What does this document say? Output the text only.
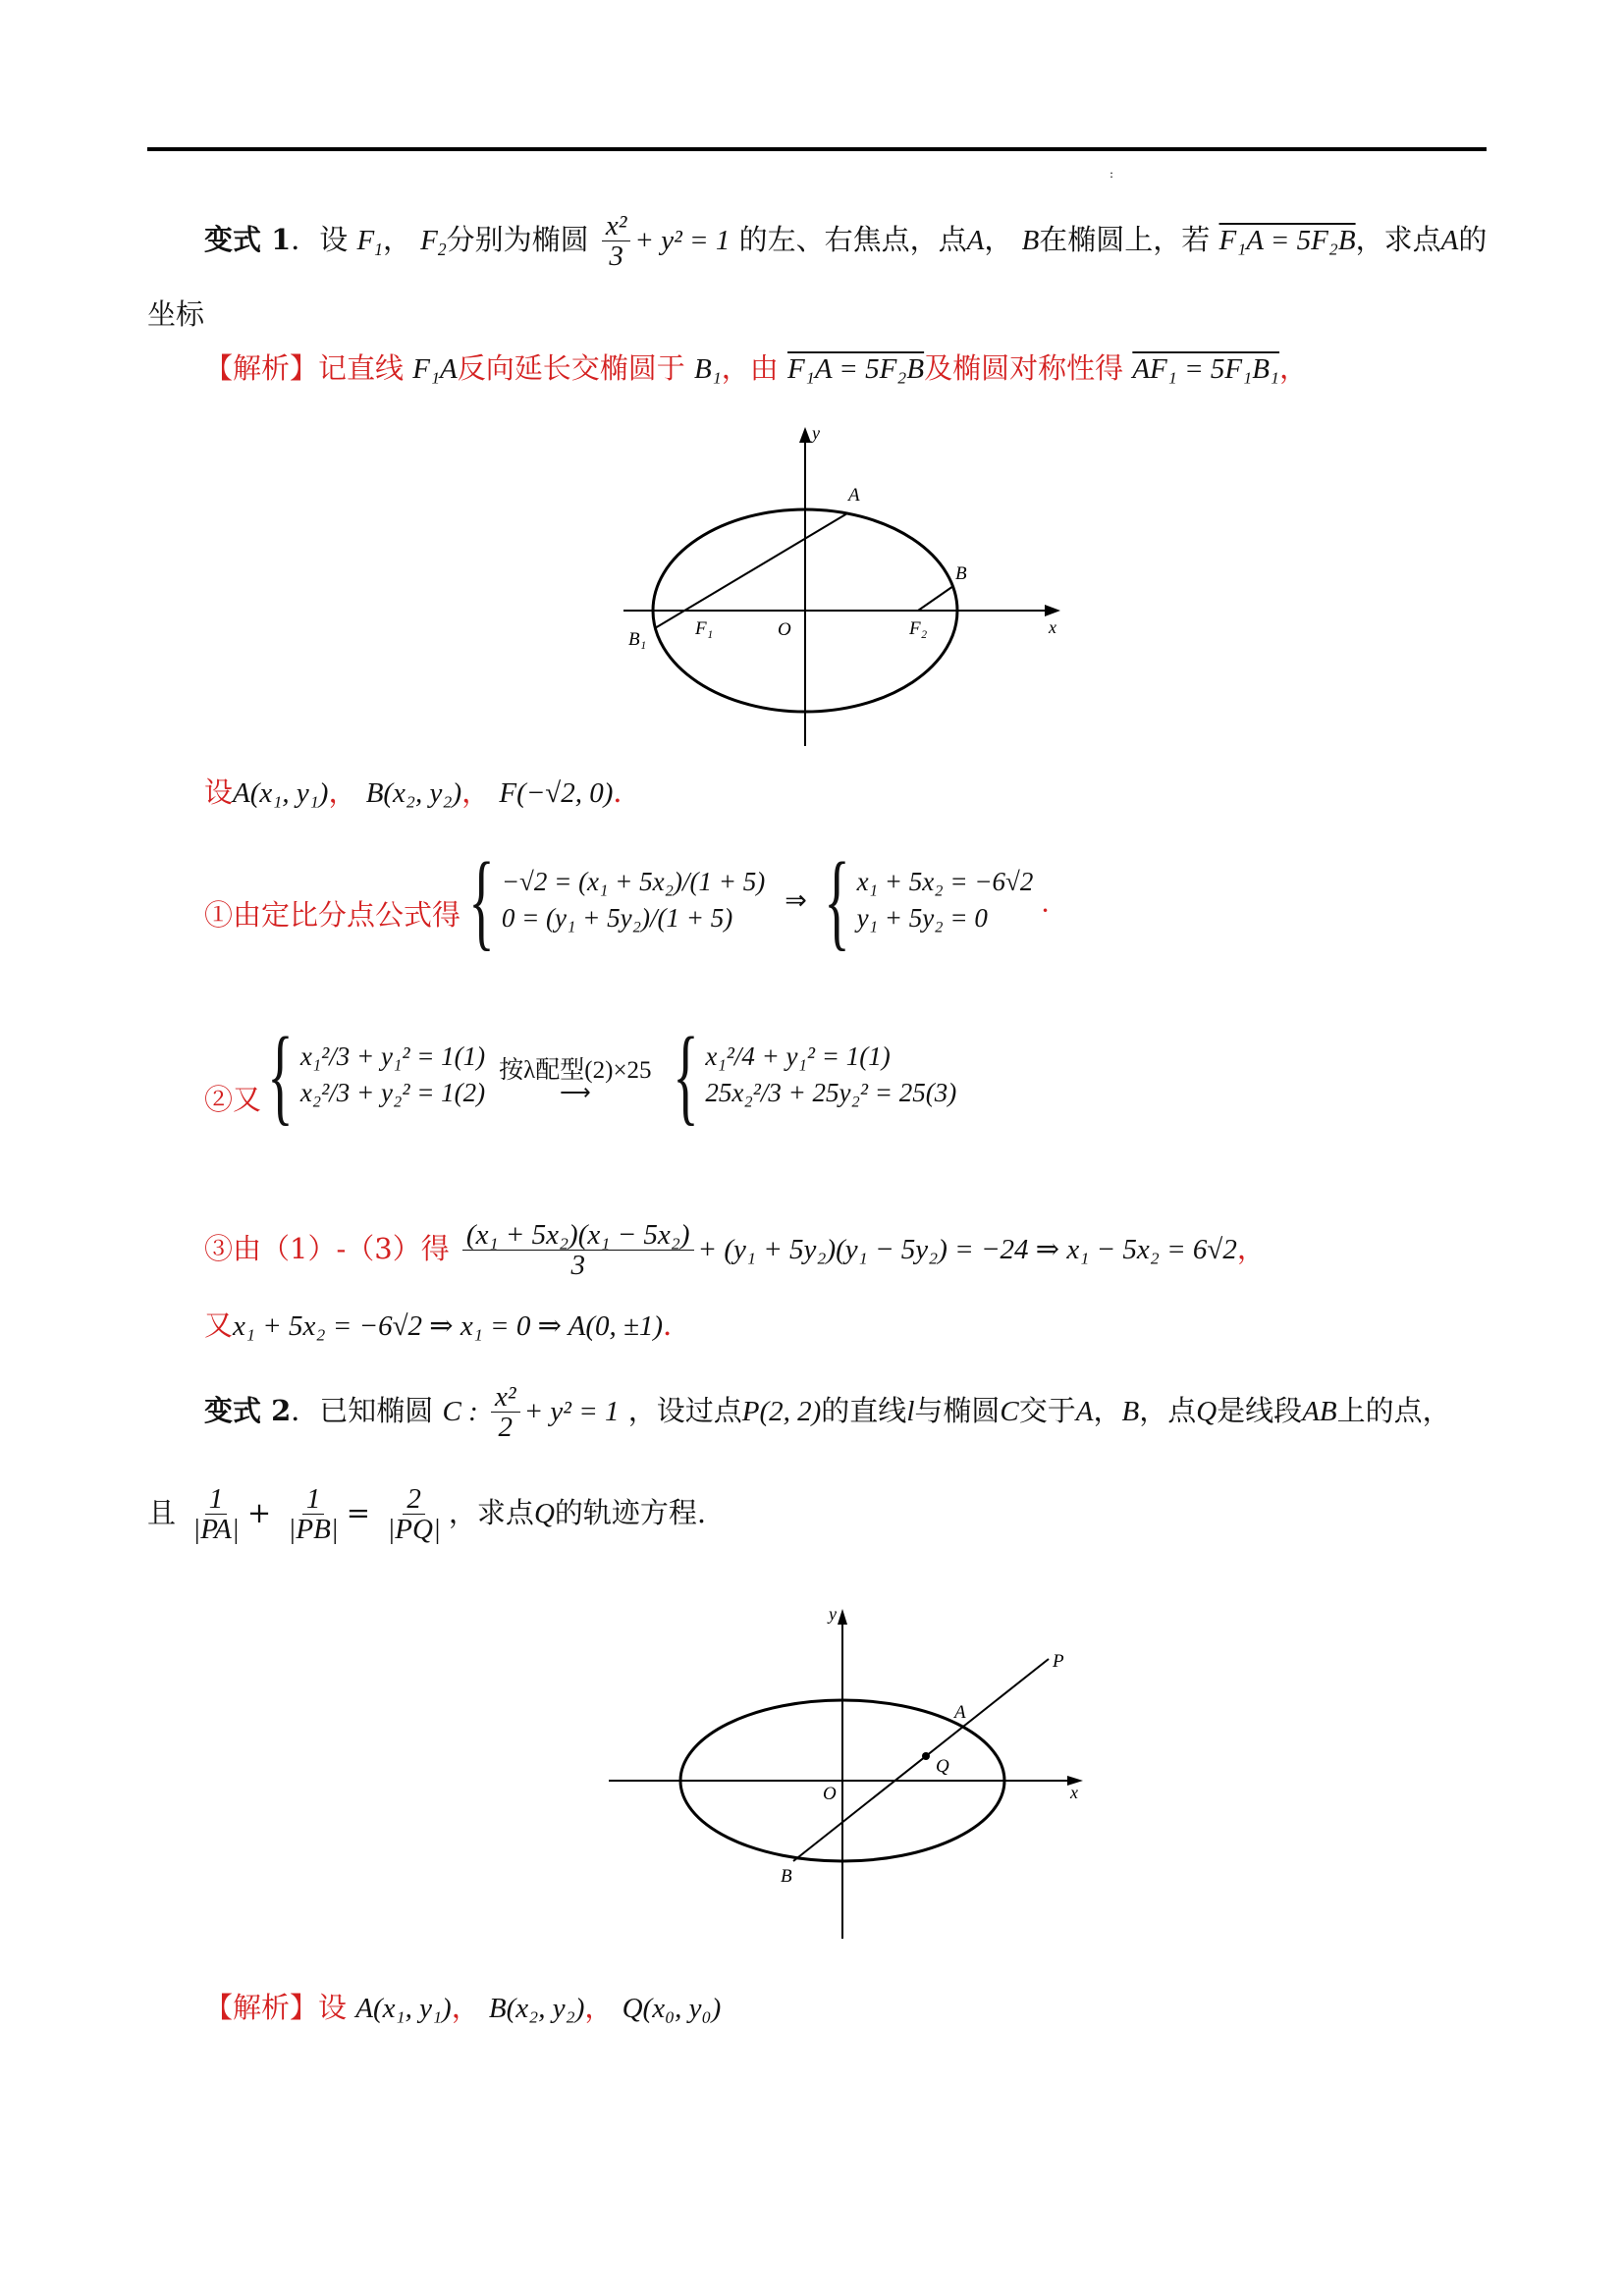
:
变式 1．设 $F_1$， $F_2$分别为椭圆 $\frac{\text{x²}}{3} + y^2 = 1$ 的左、右焦点，点A， B在椭圆上，若 F₁A = 5F₂B，求点A的
坐标
【解析】记直线 F₁A反向延长交椭圆于 B₁，由 F₁A = 5F₂B及椭圆对称性得 AF₁ = 5F₁B₁，
y
x
A
B
O
F₁	F₂
B₁
设A(x₁, y₁)， B(x₂, y₂)， F(−√2, 0)．
①由定比分点公式得 { −√2 = (x₁ + 5x₂)/(1 + 5)
0 = (y₁ + 5y₂)/(1 + 5)
⇒ { x₁ + 5x₂ = −6√2
y₁ + 5y₂ = 0
．
②又 { x₁²/3 + y₁² = 1(1)
x₂²/3 + y₂² = 1(2)
按λ配型(2)×25
⟶ { x₁²/4 + y₁² = 1(1)
25x₂²/3 + 25y₂² = 25(3)
③由（1）-（3）得 $\frac{\text{(x₁ + 5x₂)(x₁ − 5x₂)}}{3} + (y_1 + 5y_2)(y_1 - 5y_2) = -24$ ⇒ x₁ − 5x₂ = 6√2，
又x₁ + 5x₂ = −6√2 ⇒ x₁ = 0 ⇒ A(0, ±1)．
变式 2．已知椭圆 C : $\frac{\text{x²}}{2} + y^2 = 1$ ，设过点P(2, 2)的直线l与椭圆C交于A，B，点Q是线段AB上的点，
且 $\frac{1}{|PA|} + \frac{1}{|PB|} = \frac{2}{|PQ|}$ ，求点Q的轨迹方程.
y
x
P
A
Q
O
B
【解析】设 A(x₁, y₁)， B(x₂, y₂)， Q(x₀, y₀)
